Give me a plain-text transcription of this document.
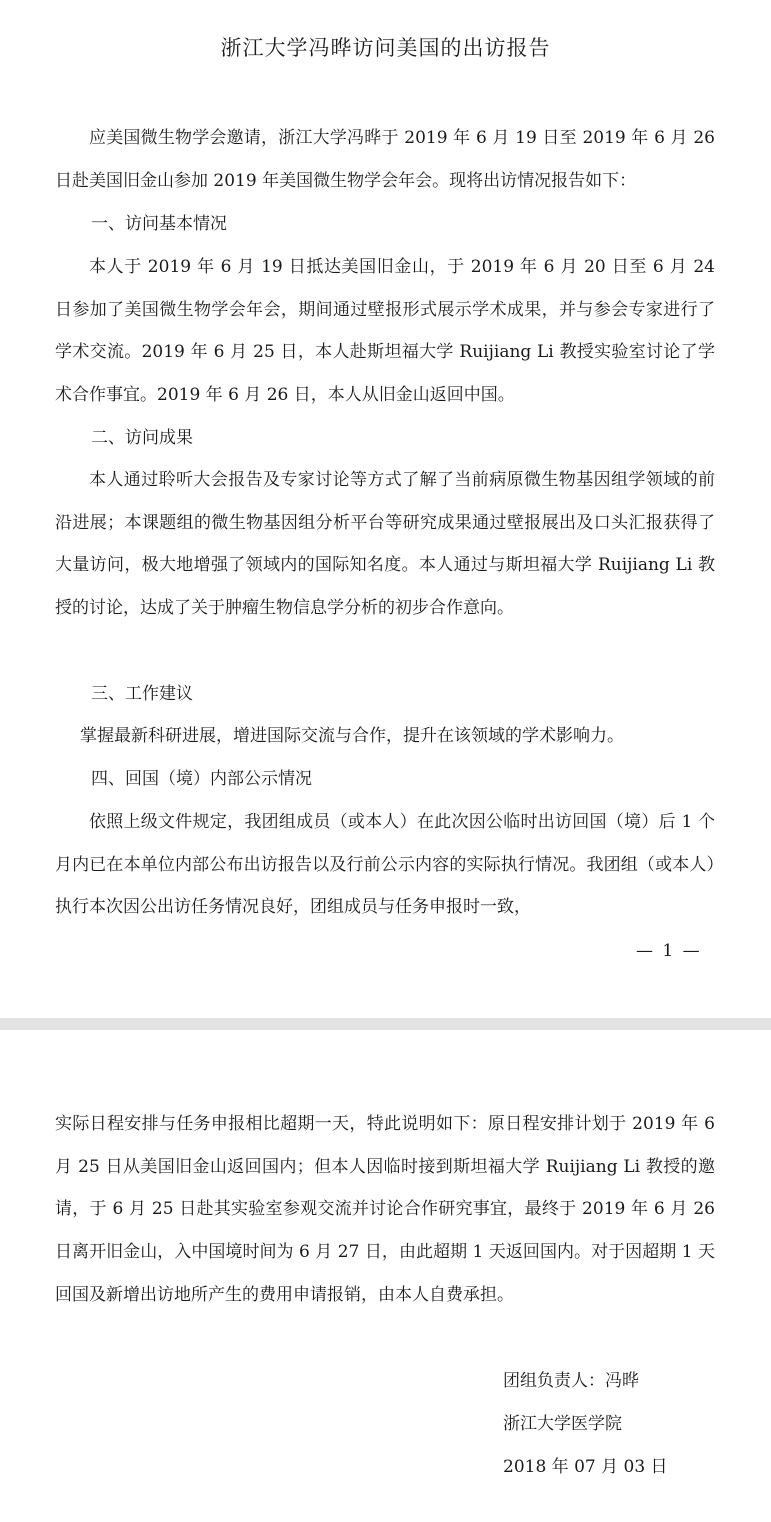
浙江大学冯晔访问美国的出访报告

应美国微生物学会邀请，浙江大学冯晔于 2019 年 6 月 19 日至 2019 年 6 月 26 日赴美国旧金山参加 2019 年美国微生物学会年会。现将出访情况报告如下：

一、访问基本情况

本人于 2019 年 6 月 19 日抵达美国旧金山，于 2019 年 6 月 20 日至 6 月 24 日参加了美国微生物学会年会，期间通过壁报形式展示学术成果，并与参会专家进行了学术交流。2019 年 6 月 25 日，本人赴斯坦福大学 Ruijiang Li 教授实验室讨论了学术合作事宜。2019 年 6 月 26 日，本人从旧金山返回中国。

二、访问成果

本人通过聆听大会报告及专家讨论等方式了解了当前病原微生物基因组学领域的前沿进展；本课题组的微生物基因组分析平台等研究成果通过壁报展出及口头汇报获得了大量访问，极大地增强了领域内的国际知名度。本人通过与斯坦福大学 Ruijiang Li 教授的讨论，达成了关于肿瘤生物信息学分析的初步合作意向。

三、工作建议

掌握最新科研进展，增进国际交流与合作，提升在该领域的学术影响力。

四、回国（境）内部公示情况

依照上级文件规定，我团组成员（或本人）在此次因公临时出访回国（境）后 1 个月内已在本单位内部公布出访报告以及行前公示内容的实际执行情况。我团组（或本人）执行本次因公出访任务情况良好，团组成员与任务申报时一致，

— 1 —

实际日程安排与任务申报相比超期一天，特此说明如下：原日程安排计划于 2019 年 6 月 25 日从美国旧金山返回国内；但本人因临时接到斯坦福大学 Ruijiang Li 教授的邀请，于 6 月 25 日赴其实验室参观交流并讨论合作研究事宜，最终于 2019 年 6 月 26 日离开旧金山，入中国境时间为 6 月 27 日，由此超期 1 天返回国内。对于因超期 1 天回国及新增出访地所产生的费用申请报销，由本人自费承担。

团组负责人：冯晔
浙江大学医学院
2018 年 07 月 03 日
